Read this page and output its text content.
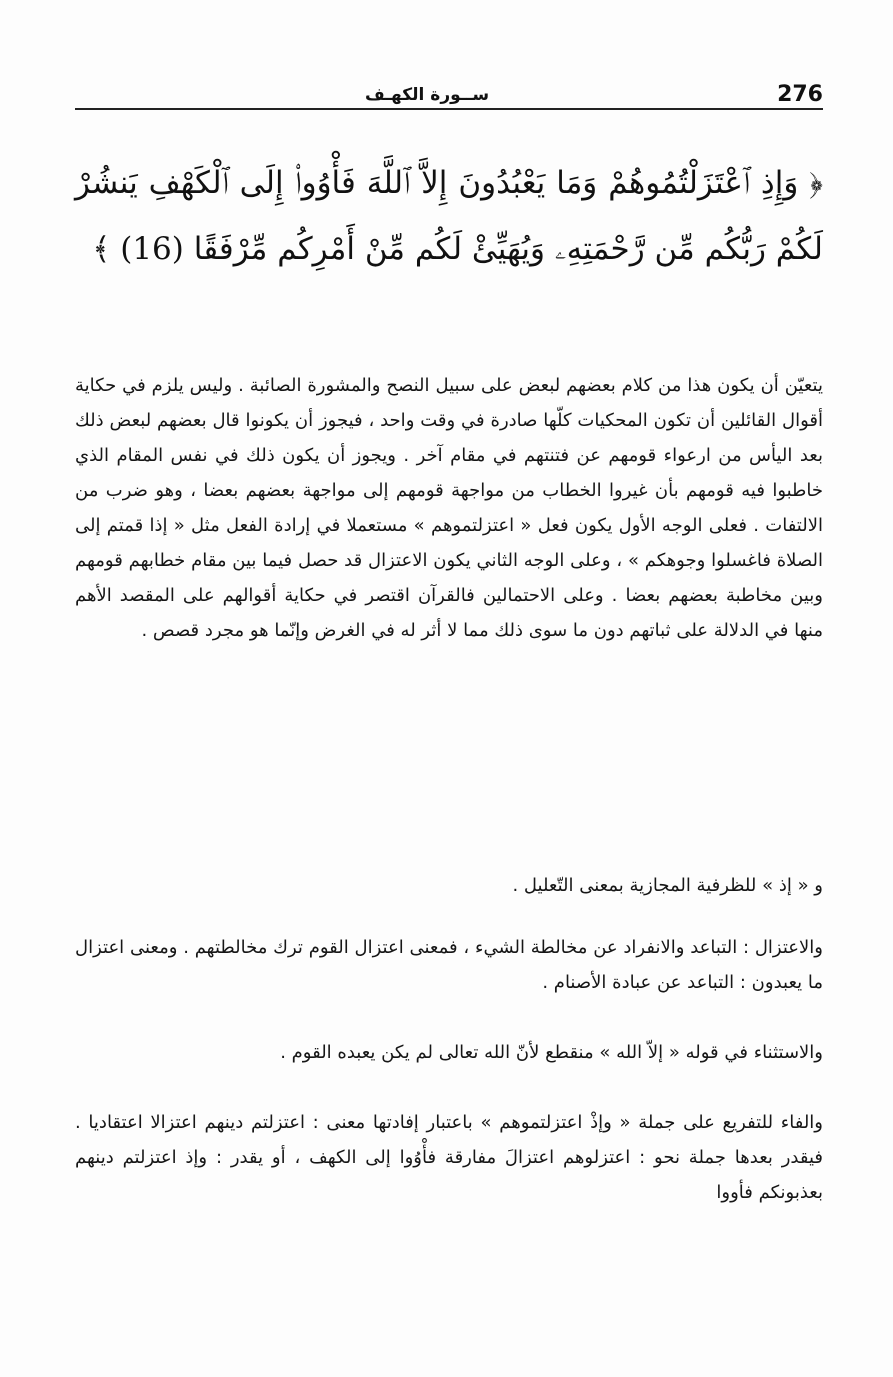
276
ســورة الكهـف
﴿ وَإِذِ ٱعْتَزَلْتُمُوهُمْ وَمَا يَعْبُدُونَ إِلاَّ ٱللَّهَ فَأْوُوا۟ إِلَى ٱلْكَهْفِ يَنشُرْ لَكُمْ رَبُّكُم مِّن رَّحْمَتِهِۦ وَيُهَيِّئْ لَكُم مِّنْ أَمْرِكُم مِّرْفَقًا (16) ﴾

يتعيّن أن يكون هذا من كلام بعضهم لبعض على سبيل النصح والمشورة الصائبة . وليس يلزم في حكاية أقوال القائلين أن تكون المحكيات كلّها صادرة في وقت واحد ، فيجوز أن يكونوا قال بعضهم لبعض ذلك بعد اليأس من ارعواء قومهم عن فتنتهم في مقام آخر . ويجوز أن يكون ذلك في نفس المقام الذي خاطبوا فيه قومهم بأن غيروا الخطاب من مواجهة قومهم إلى مواجهة بعضهم بعضا ، وهو ضرب من الالتفات . فعلى الوجه الأول يكون فعل « اعتزلتموهم » مستعملا في إرادة الفعل مثل « إذا قمتم إلى الصلاة فاغسلوا وجوهكم » ، وعلى الوجه الثاني يكون الاعتزال قد حصل فيما بين مقام خطابهم قومهم وبين مخاطبة بعضهم بعضا . وعلى الاحتمالين فالقرآن اقتصر في حكاية أقوالهم على المقصد الأهم منها في الدلالة على ثباتهم دون ما سوى ذلك مما لا أثر له في الغرض وإنّما هو مجرد قصص .

و « إذ » للظرفية المجازية بمعنى التّعليل .

والاعتزال : التباعد والانفراد عن مخالطة الشيء ، فمعنى اعتزال القوم ترك مخالطتهم . ومعنى اعتزال ما يعبدون : التباعد عن عبادة الأصنام .

والاستثناء في قوله « إلاّ الله » منقطع لأنّ الله تعالى لم يكن يعبده القوم .

والفاء للتفريع على جملة « وإذْ اعتزلتموهم » باعتبار إفادتها معنى : اعتزلتم دينهم اعتزالا اعتقاديا . فيقدر بعدها جملة نحو : اعتزلوهم اعتزالَ مفارقة فأْوُوا إلى الكهف ، أو يقدر : وإذ اعتزلتم دينهم بعذبونكم فأووا
